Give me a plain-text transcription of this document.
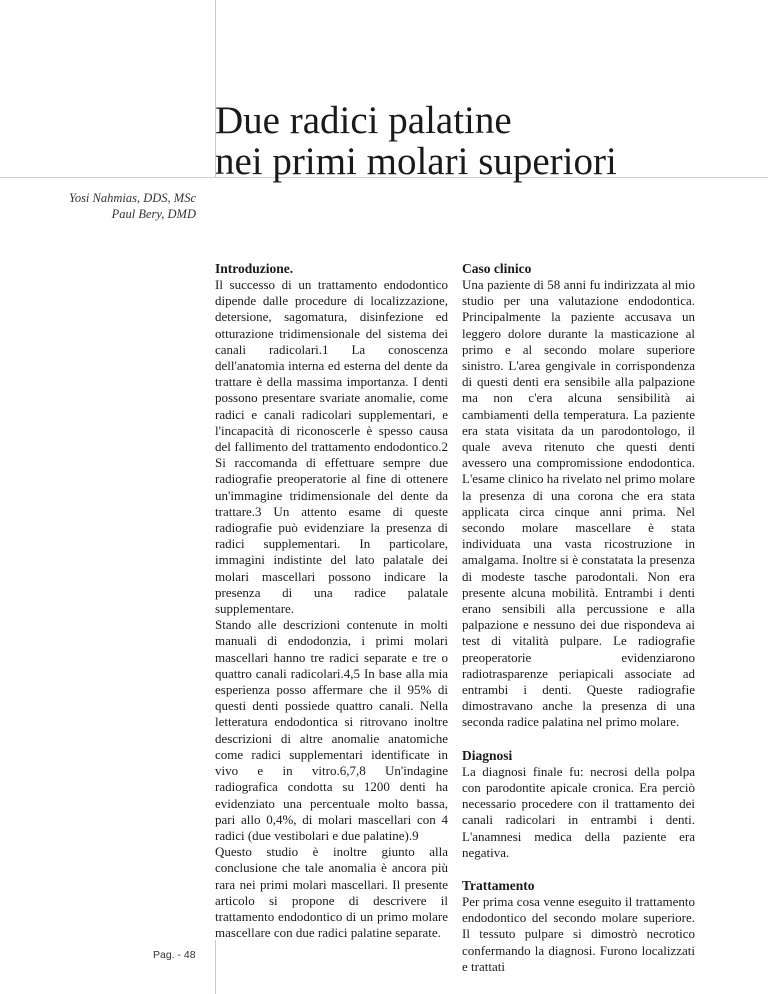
Due radici palatine
nei primi molari superiori
Yosi Nahmias, DDS, MSc
Paul Bery, DMD
Introduzione.

Il successo di un trattamento endodontico dipende dalle procedure di localizzazione, detersione, sagomatura, disinfezione ed otturazione tridimensionale del sistema dei canali radicolari.1 La conoscenza dell'anatomia interna ed esterna del dente da trattare è della massima importanza. I denti possono presentare svariate anomalie, come radici e canali radicolari supplementari, e l'incapacità di riconoscerle è spesso causa del fallimento del trattamento endodontico.2 Si raccomanda di effettuare sempre due radiografie preoperatorie al fine di ottenere un'immagine tridimensionale del dente da trattare.3 Un attento esame di queste radiografie può evidenziare la presenza di radici supplementari. In particolare, immagini indistinte del lato palatale dei molari mascellari possono indicare la presenza di una radice palatale supplementare.

Stando alle descrizioni contenute in molti manuali di endodonzia, i primi molari mascellari hanno tre radici separate e tre o quattro canali radicolari.4,5 In base alla mia esperienza posso affermare che il 95% di questi denti possiede quattro canali. Nella letteratura endodontica si ritrovano inoltre descrizioni di altre anomalie anatomiche come radici supplementari identificate in vivo e in vitro.6,7,8 Un'indagine radiografica condotta su 1200 denti ha evidenziato una percentuale molto bassa, pari allo 0,4%, di molari mascellari con 4 radici (due vestibolari e due palatine).9

Questo studio è inoltre giunto alla conclusione che tale anomalia è ancora più rara nei primi molari mascellari. Il presente articolo si propone di descrivere il trattamento endodontico di un primo molare mascellare con due radici palatine separate.

Caso clinico

Una paziente di 58 anni fu indirizzata al mio studio per una valutazione endodontica. Principalmente la paziente accusava un leggero dolore durante la masticazione al primo e al secondo molare superiore sinistro. L'area gengivale in corrispondenza di questi denti era sensibile alla palpazione ma non c'era alcuna sensibilità ai cambiamenti della temperatura. La paziente era stata visitata da un parodontologo, il quale aveva ritenuto che questi denti avessero una compromissione endodontica. L'esame clinico ha rivelato nel primo molare la presenza di una corona che era stata applicata circa cinque anni prima. Nel secondo molare mascellare è stata individuata una vasta ricostruzione in amalgama. Inoltre si è constatata la presenza di modeste tasche parodontali. Non era presente alcuna mobilità. Entrambi i denti erano sensibili alla percussione e alla palpazione e nessuno dei due rispondeva ai test di vitalità pulpare. Le radiografie preoperatorie evidenziarono radiotrasparenze periapicali associate ad entrambi i denti. Queste radiografie dimostravano anche la presenza di una seconda radice palatina nel primo molare.

Diagnosi

La diagnosi finale fu: necrosi della polpa con parodontite apicale cronica. Era perciò necessario procedere con il trattamento dei canali radicolari in entrambi i denti. L'anamnesi medica della paziente era negativa.

Trattamento

Per prima cosa venne eseguito il trattamento endodontico del secondo molare superiore. Il tessuto pulpare si dimostrò necrotico confermando la diagnosi. Furono localizzati e trattati

Pag. - 48
